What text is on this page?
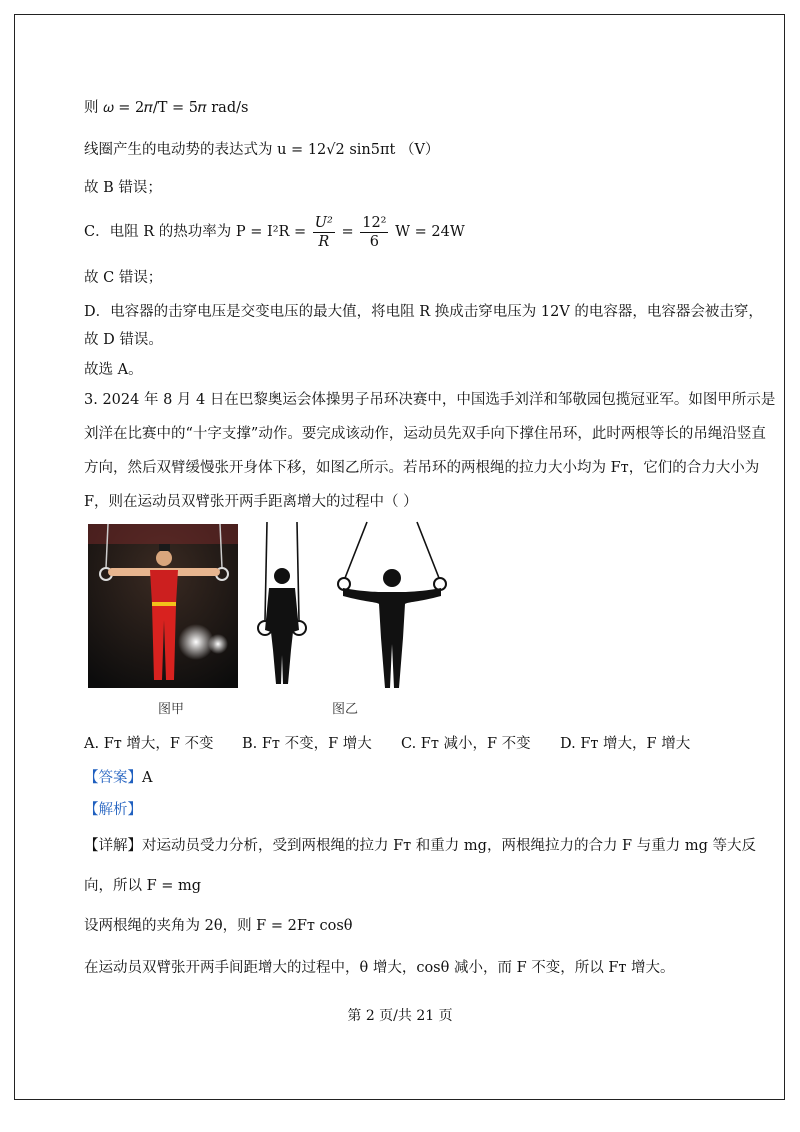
则 𝜔 = 2𝜋/T = 5𝜋 rad/s
线圈产生的电动势的表达式为 u = 12√2 sin5πt （V）
故 B 错误；
C．电阻 R 的热功率为 $P = I^2R = \frac{\text{U²}}{R} = \frac{\text{12²}}{6}$ W = 24W
故 C 错误；
D．电容器的击穿电压是交变电压的最大值，将电阻 R 换成击穿电压为 12V 的电容器，电容器会被击穿，
故 D 错误。
故选 A。
3. 2024 年 8 月 4 日在巴黎奥运会体操男子吊环决赛中，中国选手刘洋和邹敬园包揽冠亚军。如图甲所示是
刘洋在比赛中的“十字支撑”动作。要完成该动作，运动员先双手向下撑住吊环，此时两根等长的吊绳沿竖直
方向，然后双臂缓慢张开身体下移，如图乙所示。若吊环的两根绳的拉力大小均为 Fᴛ，它们的合力大小为
F，则在运动员双臂张开两手距离增大的过程中（ ）
图甲	图乙
A. Fᴛ 增大，F 不变 B. Fᴛ 不变，F 增大 C. Fᴛ 减小，F 不变 D. Fᴛ 增大，F 增大
【答案】A
【解析】
【详解】对运动员受力分析，受到两根绳的拉力 Fᴛ 和重力 mg，两根绳拉力的合力 F 与重力 mg 等大反
向，所以 F = mg
设两根绳的夹角为 2θ，则 F = 2Fᴛ cosθ
在运动员双臂张开两手间距增大的过程中，θ 增大，cosθ 减小，而 F 不变，所以 Fᴛ 增大。
第 2 页/共 21 页
